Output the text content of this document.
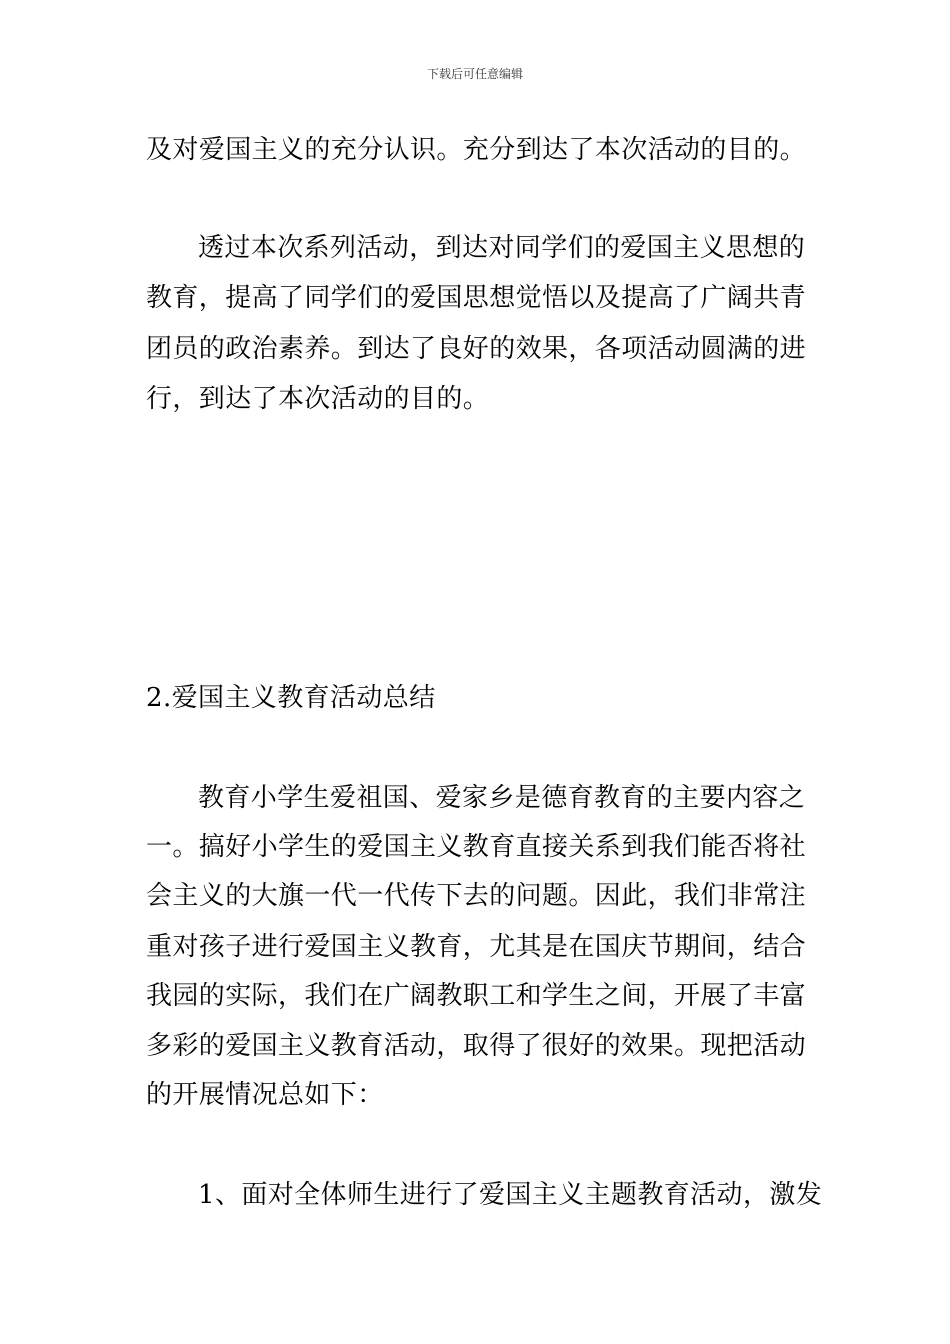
下载后可任意编辑
及对爱国主义的充分认识。充分到达了本次活动的目的。
透过本次系列活动，到达对同学们的爱国主义思想的
教育，提高了同学们的爱国思想觉悟以及提高了广阔共青
团员的政治素养。到达了良好的效果，各项活动圆满的进
行，到达了本次活动的目的。
2.爱国主义教育活动总结
教育小学生爱祖国、爱家乡是德育教育的主要内容之
一。搞好小学生的爱国主义教育直接关系到我们能否将社
会主义的大旗一代一代传下去的问题。因此，我们非常注
重对孩子进行爱国主义教育，尤其是在国庆节期间，结合
我园的实际，我们在广阔教职工和学生之间，开展了丰富
多彩的爱国主义教育活动，取得了很好的效果。现把活动
的开展情况总如下：
1、面对全体师生进行了爱国主义主题教育活动，激发
